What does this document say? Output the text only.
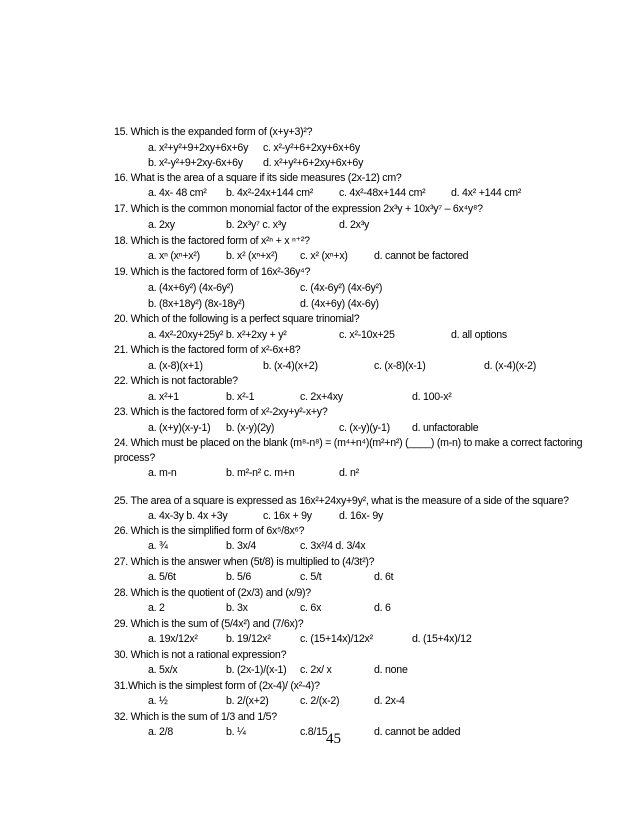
15. Which is the expanded form of (x+y+3)²?
a. x²+y²+9+2xy+6x+6y c. x²-y²+6+2xy+6x+6y
b. x²-y²+9+2xy-6x+6y d. x²+y²+6+2xy+6x+6y
16. What is the area of a square if its side measures (2x-12) cm?
a. 4x- 48 cm² b. 4x²-24x+144 cm² c. 4x²-48x+144 cm² d. 4x² +144 cm²
17. Which is the common monomial factor of the expression 2x³y + 10x³y⁷ – 6x⁴y⁸?
a. 2xy	b. 2x³y⁷ c. x³y	d. 2x³y
18. Which is the factored form of x²ⁿ + x ⁿ⁺²?
a. xⁿ (xⁿ+x²) b. x² (xⁿ+x²) c. x² (xⁿ+x) d. cannot be factored
19. Which is the factored form of 16x²-36y⁴?
a. (4x+6y²) (4x-6y²)	c. (4x-6y²) (4x-6y²)
b. (8x+18y²) (8x-18y²)	d. (4x+6y) (4x-6y)
20. Which of the following is a perfect square trinomial?
a. 4x²-20xy+25y² b. x²+2xy + y²	c. x²-10x+25	d. all options
21. Which is the factored form of x²-6x+8?
a. (x-8)(x+1)	b. (x-4)(x+2)	c. (x-8)(x-1)	d. (x-4)(x-2)
22. Which is not factorable?
a. x²+1	b. x²-1	c. 2x+4xy	d. 100-x²
23. Which is the factored form of x²-2xy+y²-x+y?
a. (x+y)(x-y-1) b. (x-y)(2y)	c. (x-y)(y-1) d. unfactorable
24. Which must be placed on the blank (m⁸-n⁸) = (m⁴+n⁴)(m²+n²) (____) (m-n) to make a correct factoring
process?
a. m-n	b. m²-n² c. m+n	d. n²
25. The area of a square is expressed as 16x²+24xy+9y², what is the measure of a side of the square?
a. 4x-3y b. 4x +3y	c. 16x + 9y	d. 16x- 9y
26. Which is the simplified form of 6x⁵/8x⁶?
a. ¾	b. 3x/4	c. 3x²/4 d. 3/4x
27. Which is the answer when (5t/8) is multiplied to (4/3t²)?
a. 5/6t	b. 5/6	c. 5/t	d. 6t
28. Which is the quotient of (2x/3) and (x/9)?
a. 2	b. 3x	c. 6x	d. 6
29. Which is the sum of (5/4x²) and (7/6x)?
a. 19x/12x²	b. 19/12x²	c. (15+14x)/12x²	d. (15+4x)/12
30. Which is not a rational expression?
a. 5x/x	b. (2x-1)/(x-1) c. 2x/ x	d. none
31.Which is the simplest form of (2x-4)/ (x²-4)?
a. ½	b. 2/(x+2)	c. 2/(x-2)	d. 2x-4
32. Which is the sum of 1/3 and 1/5?
a. 2/8	b. ¼	c.8/15	d. cannot be added
45
